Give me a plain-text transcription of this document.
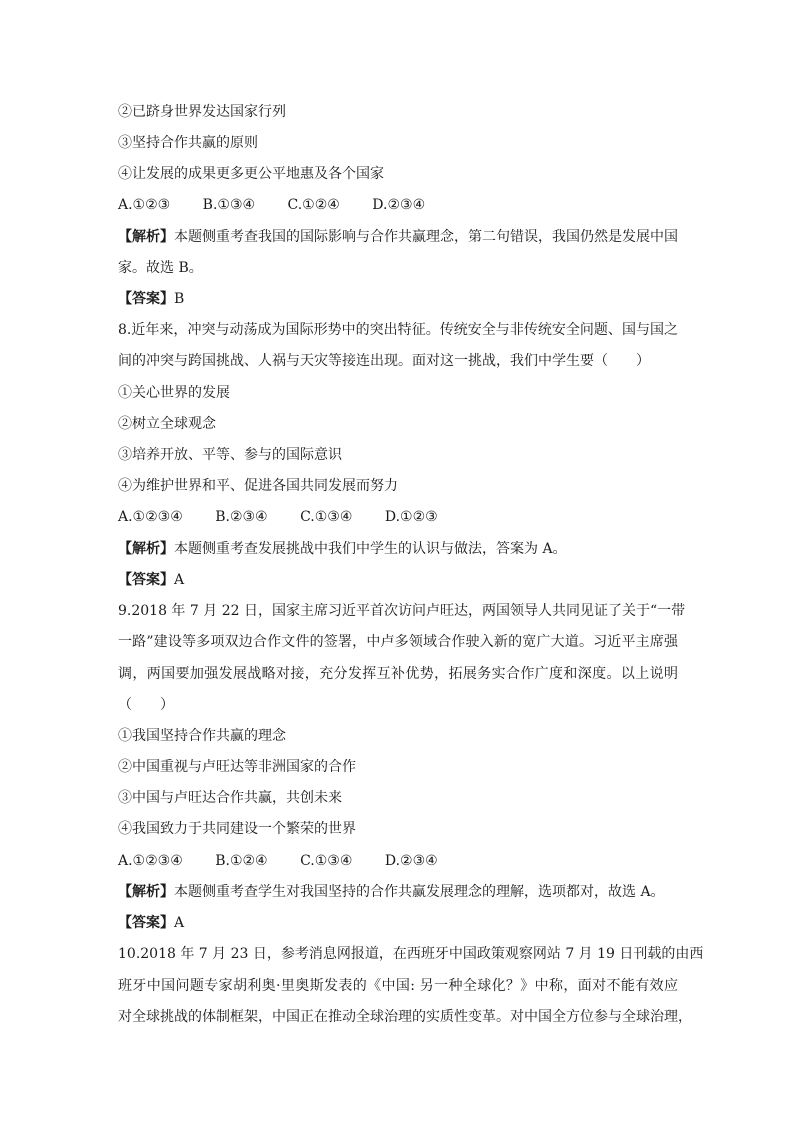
②已跻身世界发达国家行列
③坚持合作共赢的原则
④让发展的成果更多更公平地惠及各个国家
A.①②③ B.①③④ C.①②④ D.②③④
【解析】本题侧重考查我国的国际影响与合作共赢理念，第二句错误，我国仍然是发展中国
家。故选 B。
【答案】B
8.近年来，冲突与动荡成为国际形势中的突出特征。传统安全与非传统安全问题、国与国之
间的冲突与跨国挑战、人祸与天灾等接连出现。面对这一挑战，我们中学生要（　　）
①关心世界的发展
②树立全球观念
③培养开放、平等、参与的国际意识
④为维护世界和平、促进各国共同发展而努力
A.①②③④ B.②③④ C.①③④ D.①②③
【解析】本题侧重考查发展挑战中我们中学生的认识与做法，答案为 A。
【答案】A
9.2018 年 7 月 22 日，国家主席习近平首次访问卢旺达，两国领导人共同见证了关于“一带
一路”建设等多项双边合作文件的签署，中卢多领域合作驶入新的宽广大道。习近平主席强
调，两国要加强发展战略对接，充分发挥互补优势，拓展务实合作广度和深度。以上说明
（　　）
①我国坚持合作共赢的理念
②中国重视与卢旺达等非洲国家的合作
③中国与卢旺达合作共赢，共创未来
④我国致力于共同建设一个繁荣的世界
A.①②③④ B.①②④ C.①③④ D.②③④
【解析】本题侧重考查学生对我国坚持的合作共赢发展理念的理解，选项都对，故选 A。
【答案】A
10.2018 年 7 月 23 日，参考消息网报道，在西班牙中国政策观察网站 7 月 19 日刊载的由西
班牙中国问题专家胡利奥·里奥斯发表的《中国: 另一种全球化？》中称，面对不能有效应
对全球挑战的体制框架，中国正在推动全球治理的实质性变革。对中国全方位参与全球治理，
